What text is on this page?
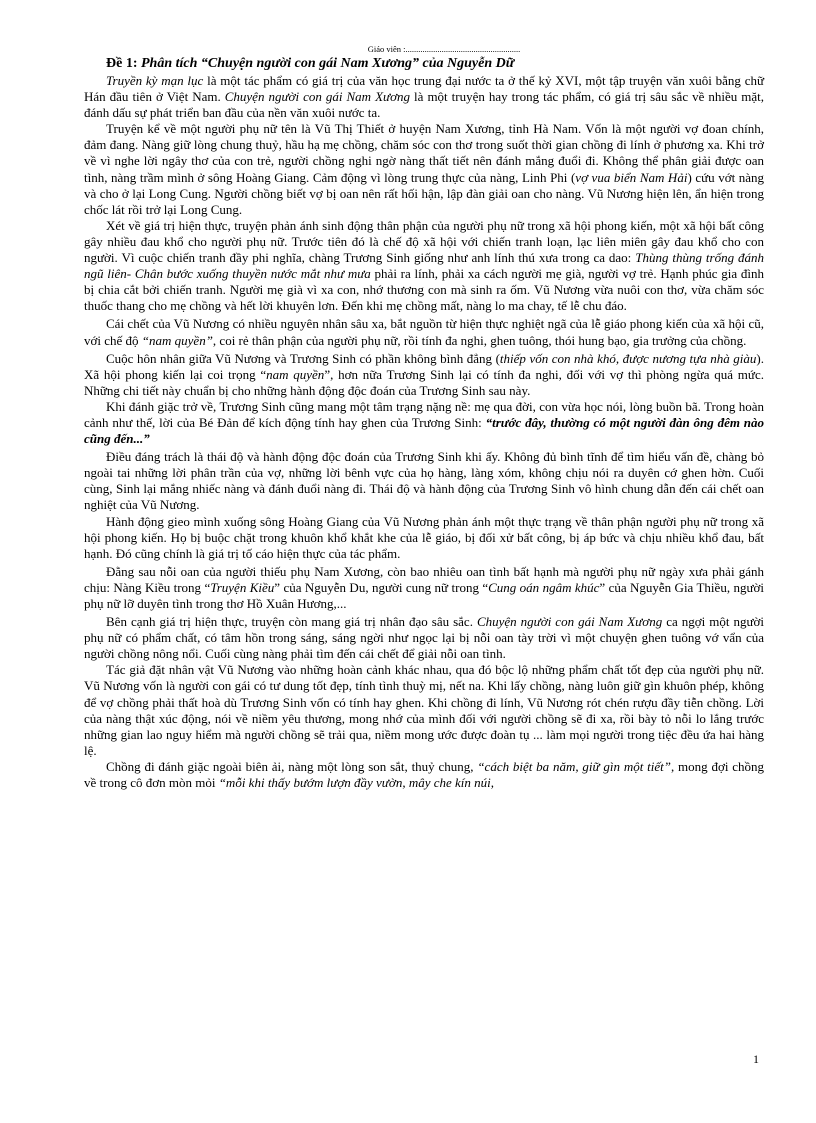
Giáo viên :......................................................
Đề 1: Phân tích “Chuyện người con gái Nam Xương” của Nguyễn Dữ

Truyền kỳ mạn lục là một tác phẩm có giá trị của văn học trung đại nước ta ở thế kỷ XVI, một tập truyện văn xuôi bằng chữ Hán đầu tiên ở Việt Nam. Chuyện người con gái Nam Xương là một truyện hay trong tác phẩm, có giá trị sâu sắc về nhiều mặt, đánh dấu sự phát triển ban đầu của nền văn xuôi nước ta.

Truyện kể về một người phụ nữ tên là Vũ Thị Thiết ở huyện Nam Xương, tỉnh Hà Nam. Vốn là một người vợ đoan chính, đảm đang. Nàng giữ lòng chung thuỷ, hầu hạ mẹ chồng, chăm sóc con thơ trong suốt thời gian chồng đi lính ở phương xa. Khi trở về vì nghe lời ngây thơ của con trẻ, người chồng nghi ngờ nàng thất tiết nên đánh mắng đuổi đi. Không thể phân giải được oan tình, nàng trầm mình ở sông Hoàng Giang. Cảm động vì lòng trung thực của nàng, Linh Phi (vợ vua biển Nam Hải) cứu vớt nàng và cho ở lại Long Cung. Người chồng biết vợ bị oan nên rất hối hận, lập đàn giải oan cho nàng. Vũ Nương hiện lên, ẩn hiện trong chốc lát rồi trở lại Long Cung.

Xét về giá trị hiện thực, truyện phản ánh sinh động thân phận của người phụ nữ trong xã hội phong kiến, một xã hội bất công gây nhiều đau khổ cho người phụ nữ. Trước tiên đó là chế độ xã hội với chiến tranh loạn, lạc liên miên gây đau khổ cho con người. Vì cuộc chiến tranh đầy phi nghĩa, chàng Trương Sinh giống như anh lính thú xưa trong ca dao: Thùng thùng trống đánh ngũ liên- Chân bước xuống thuyền nước mắt như mưa phải ra lính, phải xa cách người mẹ già, người vợ trẻ. Hạnh phúc gia đình bị chia cắt bởi chiến tranh. Người mẹ già vì xa con, nhớ thương con mà sinh ra ốm. Vũ Nương vừa nuôi con thơ, vừa chăm sóc thuốc thang cho mẹ chồng và hết lời khuyên lơn. Đến khi mẹ chồng mất, nàng lo ma chay, tế lễ chu đáo.

Cái chết của Vũ Nương có nhiều nguyên nhân sâu xa, bắt nguồn từ hiện thực nghiệt ngã của lễ giáo phong kiến của xã hội cũ, với chế độ “nam quyền”, coi rẻ thân phận của người phụ nữ, rồi tính đa nghi, ghen tuông, thói hung bạo, gia trưởng của chồng.

Cuộc hôn nhân giữa Vũ Nương và Trương Sinh có phần không bình đẳng (thiếp vốn con nhà khó, được nương tựa nhà giàu). Xã hội phong kiến lại coi trọng “nam quyền”, hơn nữa Trương Sinh lại có tính đa nghi, đối với vợ thì phòng ngừa quá mức. Những chi tiết này chuẩn bị cho những hành động độc đoán của Trương Sinh sau này.

Khi đánh giặc trở về, Trương Sinh cũng mang một tâm trạng nặng nề: mẹ qua đời, con vừa học nói, lòng buồn bã. Trong hoàn cảnh như thế, lời của Bé Đản để kích động tính hay ghen của Trương Sinh: “trước đây, thường có một người đàn ông đêm nào cũng đến...”

Điều đáng trách là thái độ và hành động độc đoán của Trương Sinh khi ấy. Không đủ bình tĩnh để tìm hiểu vấn đề, chàng bỏ ngoài tai những lời phân trần của vợ, những lời bênh vực của họ hàng, làng xóm, không chịu nói ra duyên cớ ghen hờn. Cuối cùng, Sinh lại mắng nhiếc nàng và đánh đuổi nàng đi. Thái độ và hành động của Trương Sinh vô hình chung dẫn đến cái chết oan nghiệt của Vũ Nương.

Hành động gieo mình xuống sông Hoàng Giang của Vũ Nương phản ánh một thực trạng về thân phận người phụ nữ trong xã hội phong kiến. Họ bị buộc chặt trong khuôn khổ khắt khe của lễ giáo, bị đối xử bất công, bị áp bức và chịu nhiều khổ đau, bất hạnh. Đó cũng chính là giá trị tố cáo hiện thực của tác phẩm.

Đằng sau nỗi oan của người thiếu phụ Nam Xương, còn bao nhiêu oan tình bất hạnh mà người phụ nữ ngày xưa phải gánh chịu: Nàng Kiều trong “Truyện Kiều” của Nguyễn Du, người cung nữ trong “Cung oán ngâm khúc” của Nguyễn Gia Thiều, người phụ nữ lỡ duyên tình trong thơ Hồ Xuân Hương,...

Bên cạnh giá trị hiện thực, truyện còn mang giá trị nhân đạo sâu sắc. Chuyện người con gái Nam Xương ca ngợi một người phụ nữ có phẩm chất, có tâm hồn trong sáng, sáng ngời như ngọc lại bị nỗi oan tày trời vì một chuyện ghen tuông vớ vẩn của người chồng nông nổi. Cuối cùng nàng phải tìm đến cái chết để giải nỗi oan tình.

Tác giả đặt nhân vật Vũ Nương vào những hoàn cảnh khác nhau, qua đó bộc lộ những phẩm chất tốt đẹp của người phụ nữ. Vũ Nương vốn là người con gái có tư dung tốt đẹp, tính tình thuỳ mị, nết na. Khi lấy chồng, nàng luôn giữ gìn khuôn phép, không để vợ chồng phải thất hoà dù Trương Sinh vốn có tính hay ghen. Khi chồng đi lính, Vũ Nương rót chén rượu đầy tiễn chồng. Lời của nàng thật xúc động, nói về niềm yêu thương, mong nhớ của mình đối với người chồng sẽ đi xa, rồi bày tỏ nỗi lo lắng trước những gian lao nguy hiểm mà người chồng sẽ trải qua, niềm mong ước được đoàn tụ ... làm mọi người trong tiệc đều ứa hai hàng lệ.

Chồng đi đánh giặc ngoài biên ải, nàng một lòng son sắt, thuỷ chung, “cách biệt ba năm, giữ gìn một tiết”, mong đợi chồng về trong cô đơn mòn mỏi “mỗi khi thấy bướm lượn đầy vườn, mây che kín núi,

1
